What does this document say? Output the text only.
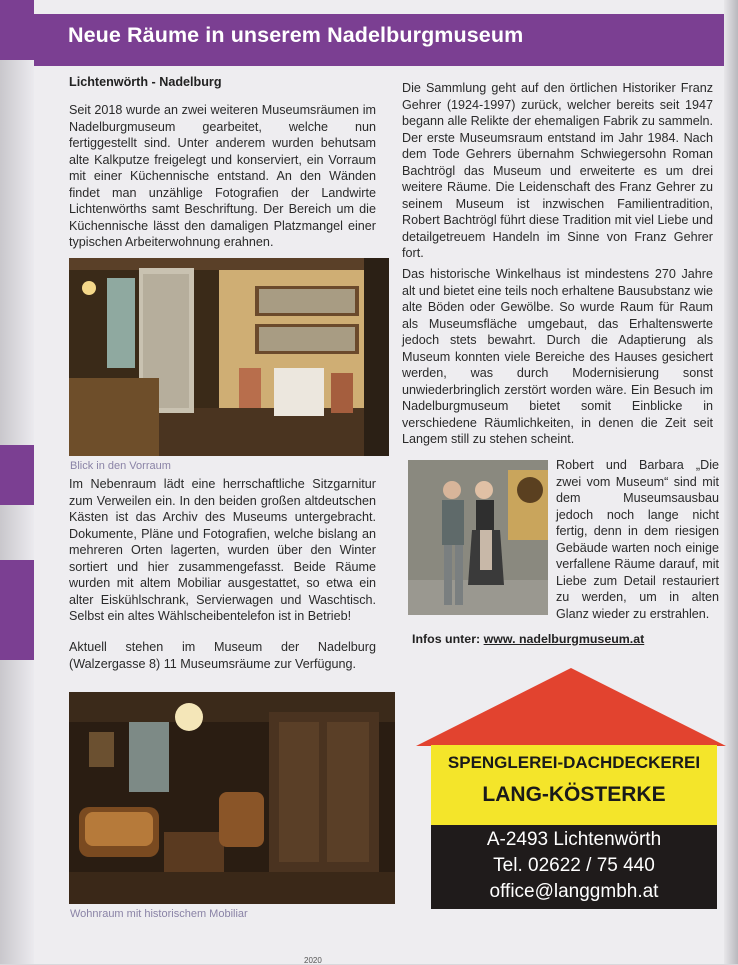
Neue Räume in unserem Nadelburgmuseum
Lichtenwörth - Nadelburg
Seit 2018 wurde an zwei weiteren Museumsräumen im Nadelburgmuseum gearbeitet, welche nun fertiggestellt sind. Unter anderem wurden behutsam alte Kalkputze freigelegt und konserviert, ein Vorraum mit einer Küchennische entstand. An den Wänden findet man unzählige Fotografien der Landwirte Lichtenwörths samt Beschriftung. Der Bereich um die Küchennische lässt den damaligen Platzmangel einer typischen Arbeiterwohnung erahnen.
Blick in den Vorraum
Im Nebenraum lädt eine herrschaftliche Sitzgarnitur zum Verweilen ein. In den beiden großen altdeutschen Kästen ist das Archiv des Museums untergebracht. Dokumente, Pläne und Fotografien, welche bislang an mehreren Orten lagerten, wurden über den Winter sortiert und hier zusammengefasst. Beide Räume wurden mit altem Mobiliar ausgestattet, so etwa ein alter Eiskühlschrank, Servierwagen und Waschtisch. Selbst ein altes Wählscheibentelefon ist in Betrieb!
Aktuell stehen im Museum der Nadelburg (Walzergasse 8) 11 Museumsräume zur Verfügung.
Wohnraum mit historischem Mobiliar
Die Sammlung geht auf den örtlichen Historiker Franz Gehrer (1924-1997) zurück, welcher bereits seit 1947 begann alle Relikte der ehemaligen Fabrik zu sammeln. Der erste Museumsraum entstand im Jahr 1984. Nach dem Tode Gehrers übernahm Schwiegersohn Roman Bachtrögl das Museum und erweiterte es um drei weitere Räume. Die Leidenschaft des Franz Gehrer zu seinem Museum ist inzwischen Familientradition, Robert Bachtrögl führt diese Tradition mit viel Liebe und detailgetreuem Handeln im Sinne von Franz Gehrer fort.
Das historische Winkelhaus ist mindestens 270 Jahre alt und bietet eine teils noch erhaltene Bausubstanz wie alte Böden oder Gewölbe. So wurde Raum für Raum als Museumsfläche umgebaut, das Erhaltenswerte jedoch stets bewahrt. Durch die Adaptierung als Museum konnten viele Bereiche des Hauses gesichert werden, was durch Modernisierung sonst unwiederbringlich zerstört worden wäre. Ein Besuch im Nadelburgmuseum bietet somit Einblicke in verschiedene Räumlichkeiten, in denen die Zeit seit Langem still zu stehen scheint.
Robert und Barbara „Die zwei vom Museum“ sind mit dem Museumsausbau jedoch noch lange nicht fertig, denn in dem riesigen Gebäude warten noch einige verfallene Räume darauf, mit Liebe zum Detail restauriert zu werden, um in alten Glanz wieder zu erstrahlen.
Infos unter: www. nadelburgmuseum.at
SPENGLEREI-DACHDECKEREI
LANG-KÖSTERKE
A-2493 Lichtenwörth
Tel. 02622 / 75 440
office@langgmbh.at
2020
